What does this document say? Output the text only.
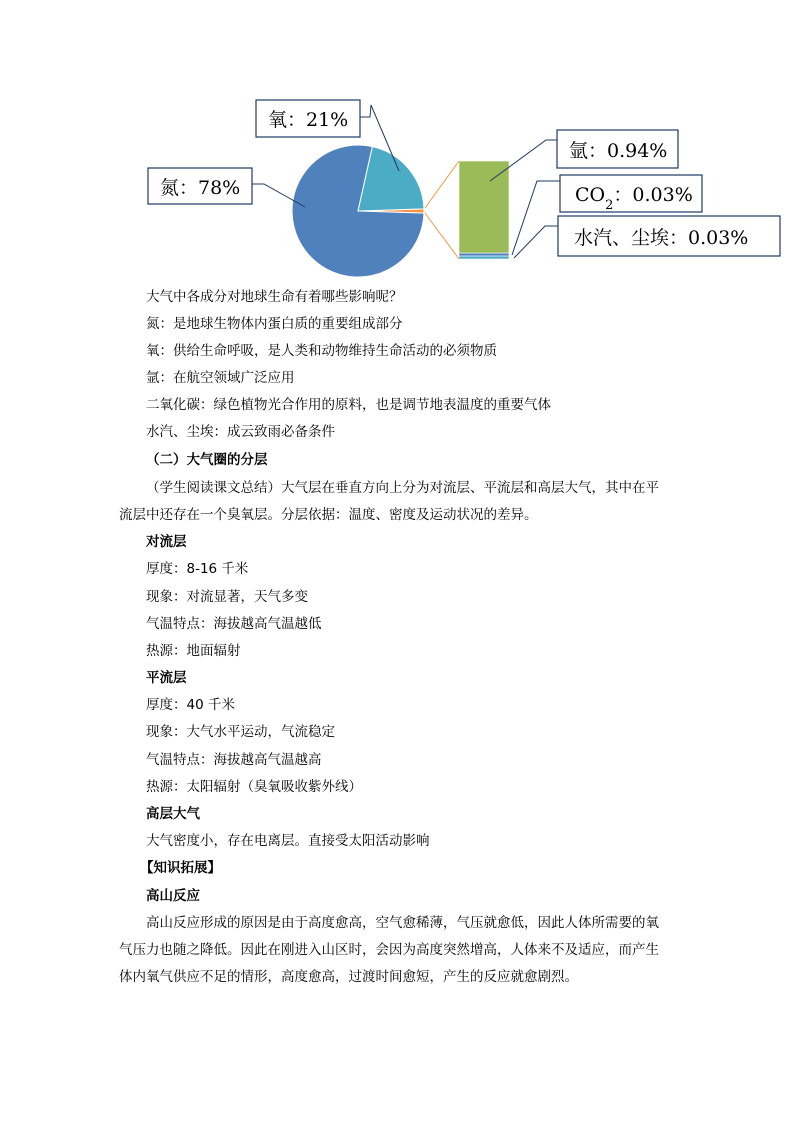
氮：78%
氧：21%
氩：0.94%
$CO_2$：0.03%
水汽、尘埃：0.03%
大气中各成分对地球生命有着哪些影响呢？
氮：是地球生物体内蛋白质的重要组成部分
氧：供给生命呼吸，是人类和动物维持生命活动的必须物质
氩：在航空领域广泛应用
二氧化碳：绿色植物光合作用的原料，也是调节地表温度的重要气体
水汽、尘埃：成云致雨必备条件
（二）大气圈的分层
（学生阅读课文总结）大气层在垂直方向上分为对流层、平流层和高层大气，其中在平
流层中还存在一个臭氧层。分层依据：温度、密度及运动状况的差异。
对流层
厚度：8-16 千米
现象：对流显著，天气多变
气温特点：海拔越高气温越低
热源：地面辐射
平流层
厚度：40 千米
现象：大气水平运动，气流稳定
气温特点：海拔越高气温越高
热源：太阳辐射（臭氧吸收紫外线）
高层大气
大气密度小，存在电离层。直接受太阳活动影响
【知识拓展】
高山反应
高山反应形成的原因是由于高度愈高，空气愈稀薄，气压就愈低，因此人体所需要的氧
气压力也随之降低。因此在刚进入山区时，会因为高度突然增高，人体来不及适应，而产生
体内氧气供应不足的情形，高度愈高，过渡时间愈短，产生的反应就愈剧烈。
